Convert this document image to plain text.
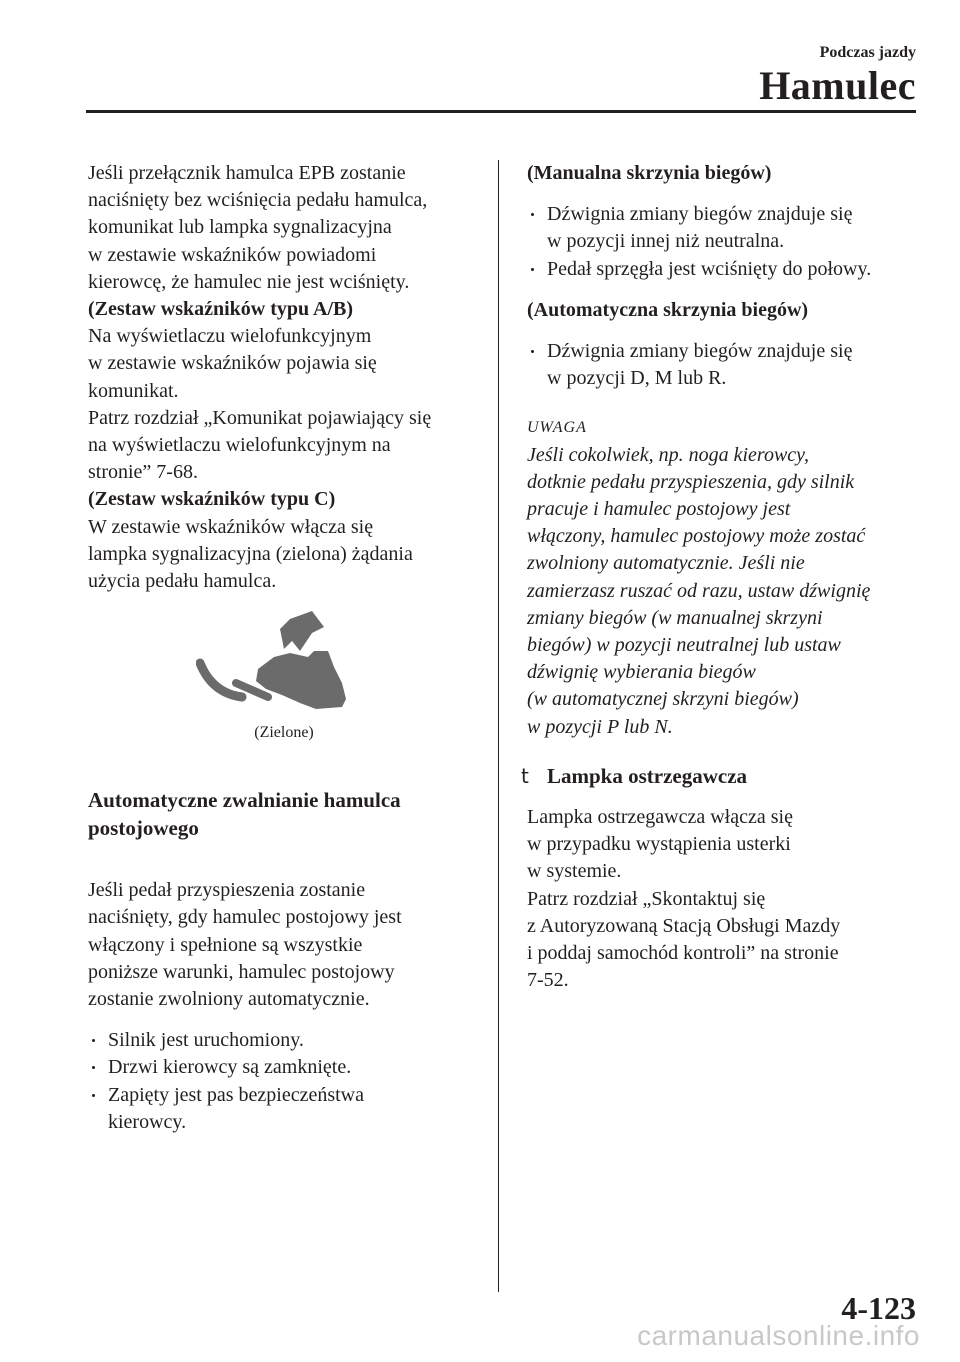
Podczas jazdy
Hamulec

Jeśli przełącznik hamulca EPB zostanie
naciśnięty bez wciśnięcia pedału hamulca,
komunikat lub lampka sygnalizacyjna
w zestawie wskaźników powiadomi
kierowcę, że hamulec nie jest wciśnięty.

(Zestaw wskaźników typu A/B)

Na wyświetlaczu wielofunkcyjnym
w zestawie wskaźników pojawia się
komunikat.
Patrz rozdział „Komunikat pojawiający się
na wyświetlaczu wielofunkcyjnym na
stronie” 7-68.

(Zestaw wskaźników typu C)

W zestawie wskaźników włącza się
lampka sygnalizacyjna (zielona) żądania
użycia pedału hamulca.

(Zielone)

Automatyczne zwalnianie hamulca
postojowego

Jeśli pedał przyspieszenia zostanie
naciśnięty, gdy hamulec postojowy jest
włączony i spełnione są wszystkie
poniższe warunki, hamulec postojowy
zostanie zwolniony automatycznie.

Silnik jest uruchomiony.
Drzwi kierowcy są zamknięte.
Zapięty jest pas bezpieczeństwa
kierowcy.

(Manualna skrzynia biegów)

Dźwignia zmiany biegów znajduje się
w pozycji innej niż neutralna.
Pedał sprzęgła jest wciśnięty do połowy.

(Automatyczna skrzynia biegów)

Dźwignia zmiany biegów znajduje się
w pozycji D, M lub R.

UWAGA

Jeśli cokolwiek, np. noga kierowcy,
dotknie pedału przyspieszenia, gdy silnik
pracuje i hamulec postojowy jest
włączony, hamulec postojowy może zostać
zwolniony automatycznie. Jeśli nie
zamierzasz ruszać od razu, ustaw dźwignię
zmiany biegów (w manualnej skrzyni
biegów) w pozycji neutralnej lub ustaw
dźwignię wybierania biegów
(w automatycznej skrzyni biegów)
w pozycji P lub N.

t Lampka ostrzegawcza

Lampka ostrzegawcza włącza się
w przypadku wystąpienia usterki
w systemie.
Patrz rozdział „Skontaktuj się
z Autoryzowaną Stacją Obsługi Mazdy
i poddaj samochód kontroli” na stronie
7-52.

4-123
carmanualsonline.info
